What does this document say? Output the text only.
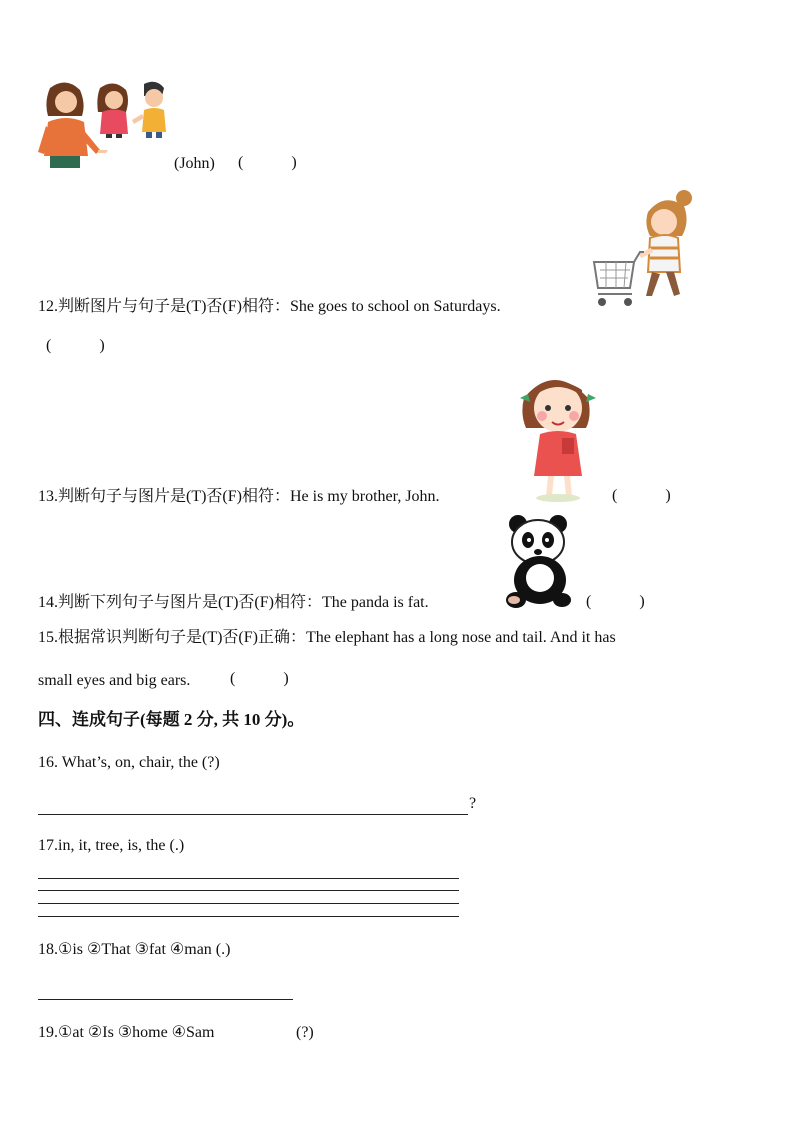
(John) (　　　)
12.判断图片与句子是(T)否(F)相符：She goes to school on Saturdays.
(　　　)
13.判断句子与图片是(T)否(F)相符：He is my brother, John.	(　　　)
14.判断下列句子与图片是(T)否(F)相符：The panda is fat.	(　　　)
15.根据常识判断句子是(T)否(F)正确：The elephant has a long nose and tail. And it has
small eyes and big ears. (　　　)
四、连成句子(每题 2 分, 共 10 分)。
16. What’s, on, chair, the (?)
?
17.in, it, tree, is, the (.)
18.①is ②That ③fat ④man (.)
19.①at ②Is ③home ④Sam	(?)
